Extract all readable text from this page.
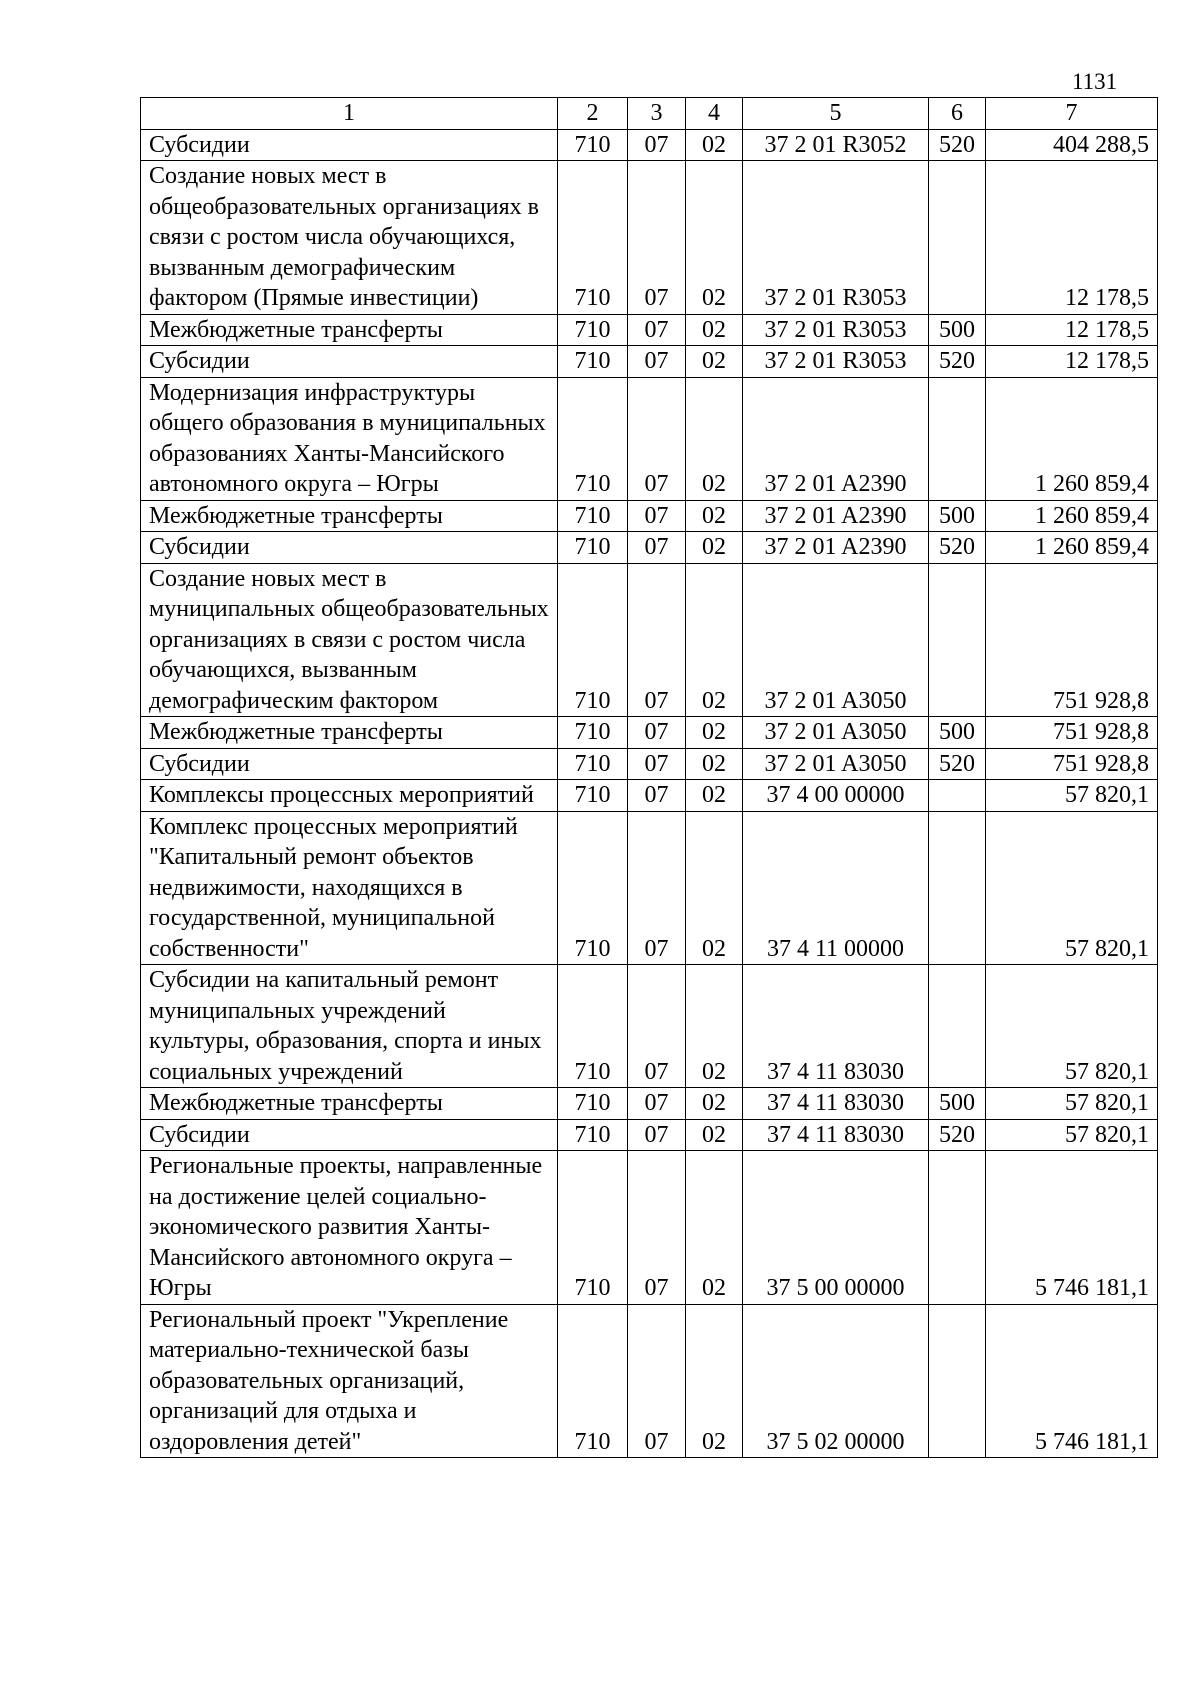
1131
1	2	3	4	5	6	7
Субсидии	710	07	02	37 2 01 R3052	520	404 288,5
Создание новых мест в общеобразовательных организациях в связи с ростом числа обучающихся, вызванным демографическим фактором (Прямые инвестиции)	710	07	02	37 2 01 R3053		12 178,5
Межбюджетные трансферты	710	07	02	37 2 01 R3053	500	12 178,5
Субсидии	710	07	02	37 2 01 R3053	520	12 178,5
Модернизация инфраструктуры общего образования в муниципальных образованиях Ханты-Мансийского автономного округа – Югры	710	07	02	37 2 01 A2390		1 260 859,4
Межбюджетные трансферты	710	07	02	37 2 01 A2390	500	1 260 859,4
Субсидии	710	07	02	37 2 01 A2390	520	1 260 859,4
Создание новых мест в муниципальных общеобразовательных организациях в связи с ростом числа обучающихся, вызванным демографическим фактором	710	07	02	37 2 01 A3050		751 928,8
Межбюджетные трансферты	710	07	02	37 2 01 A3050	500	751 928,8
Субсидии	710	07	02	37 2 01 A3050	520	751 928,8
Комплексы процессных мероприятий	710	07	02	37 4 00 00000		57 820,1
Комплекс процессных мероприятий "Капитальный ремонт объектов недвижимости, находящихся в государственной, муниципальной собственности"	710	07	02	37 4 11 00000		57 820,1
Субсидии на капитальный ремонт муниципальных учреждений культуры, образования, спорта и иных социальных учреждений	710	07	02	37 4 11 83030		57 820,1
Межбюджетные трансферты	710	07	02	37 4 11 83030	500	57 820,1
Субсидии	710	07	02	37 4 11 83030	520	57 820,1
Региональные проекты, направленные на достижение целей социально-экономического развития Ханты-Мансийского автономного округа – Югры	710	07	02	37 5 00 00000		5 746 181,1
Региональный проект "Укрепление материально-технической базы образовательных организаций, организаций для отдыха и оздоровления детей"	710	07	02	37 5 02 00000		5 746 181,1
